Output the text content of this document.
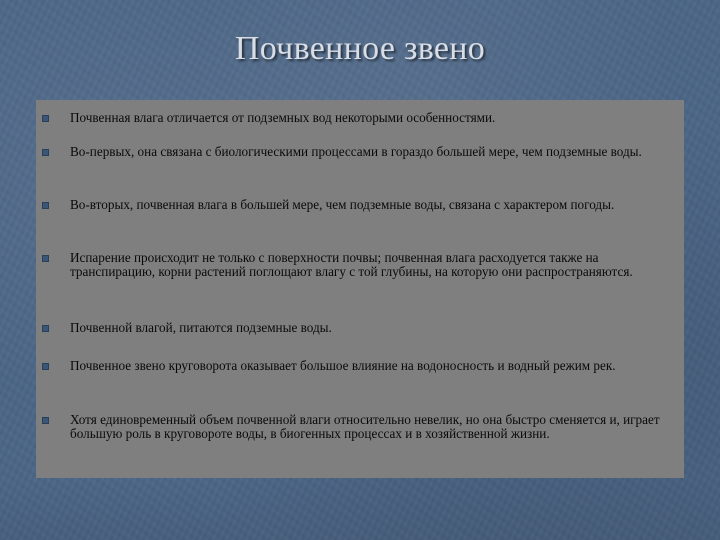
Почвенное звено
Почвенная влага отличается от подземных вод некоторыми особенностями.
Во-первых, она связана с биологическими процессами в гораздо большей мере, чем подземные воды.
Во-вторых, почвенная влага в большей мере, чем подземные воды, связана с характером погоды.
Испарение происходит не только с поверхности почвы; почвенная влага расходуется также на транспирацию, корни растений поглощают влагу с той глубины, на которую они распространяются.
Почвенной влагой, питаются подземные воды.
Почвенное звено круговорота оказывает большое влияние на водоносность и водный режим рек.
Хотя единовременный объем почвенной влаги относительно невелик, но она быстро сменяется и, играет большую роль в круговороте воды, в биогенных процессах и в хозяйственной жизни.
